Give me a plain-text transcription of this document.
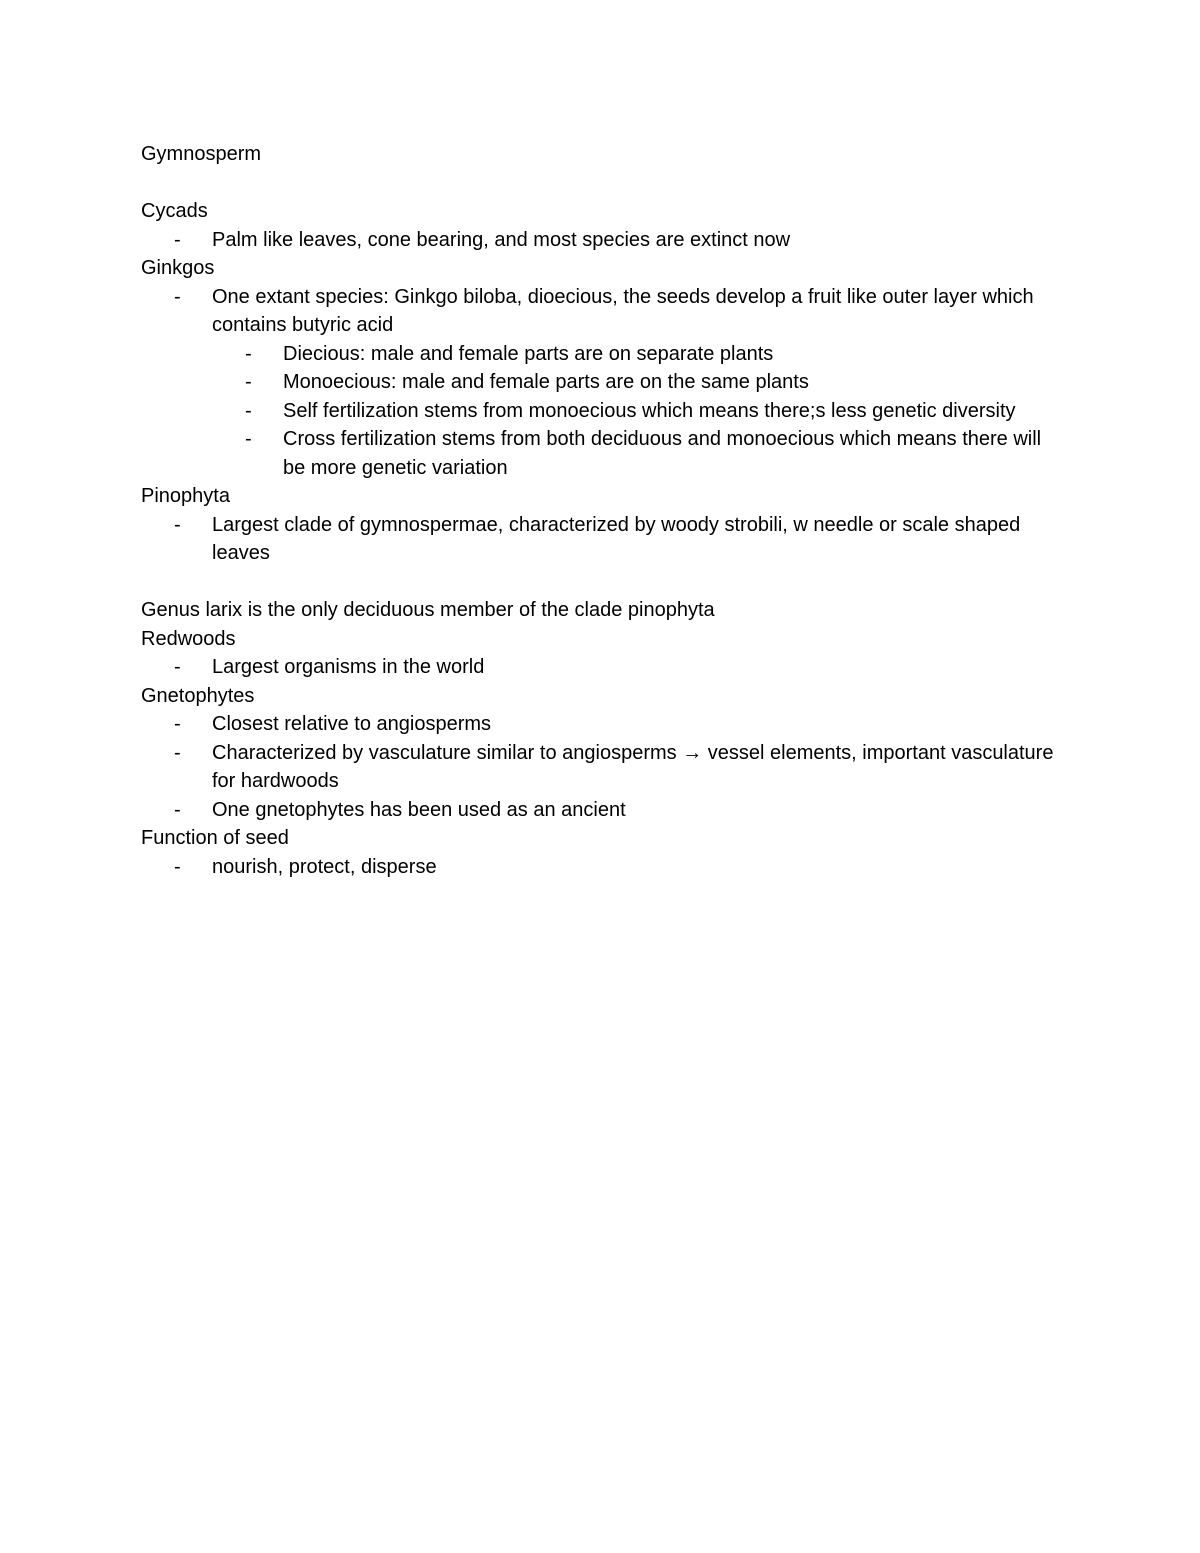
Gymnosperm

Cycads

- Palm like leaves, cone bearing, and most species are extinct now

Ginkgos

- One extant species: Ginkgo biloba, dioecious, the seeds develop a fruit like outer layer which contains butyric acid
- Diecious: male and female parts are on separate plants
- Monoecious: male and female parts are on the same plants
- Self fertilization stems from monoecious which means there;s less genetic diversity
- Cross fertilization stems from both deciduous and monoecious which means there will be more genetic variation

Pinophyta

- Largest clade of gymnospermae, characterized by woody strobili, w needle or scale shaped leaves

Genus larix is the only deciduous member of the clade pinophyta

Redwoods

- Largest organisms in the world

Gnetophytes

- Closest relative to angiosperms
- Characterized by vasculature similar to angiosperms → vessel elements, important vasculature for hardwoods
- One gnetophytes has been used as an ancient

Function of seed

- nourish, protect, disperse
